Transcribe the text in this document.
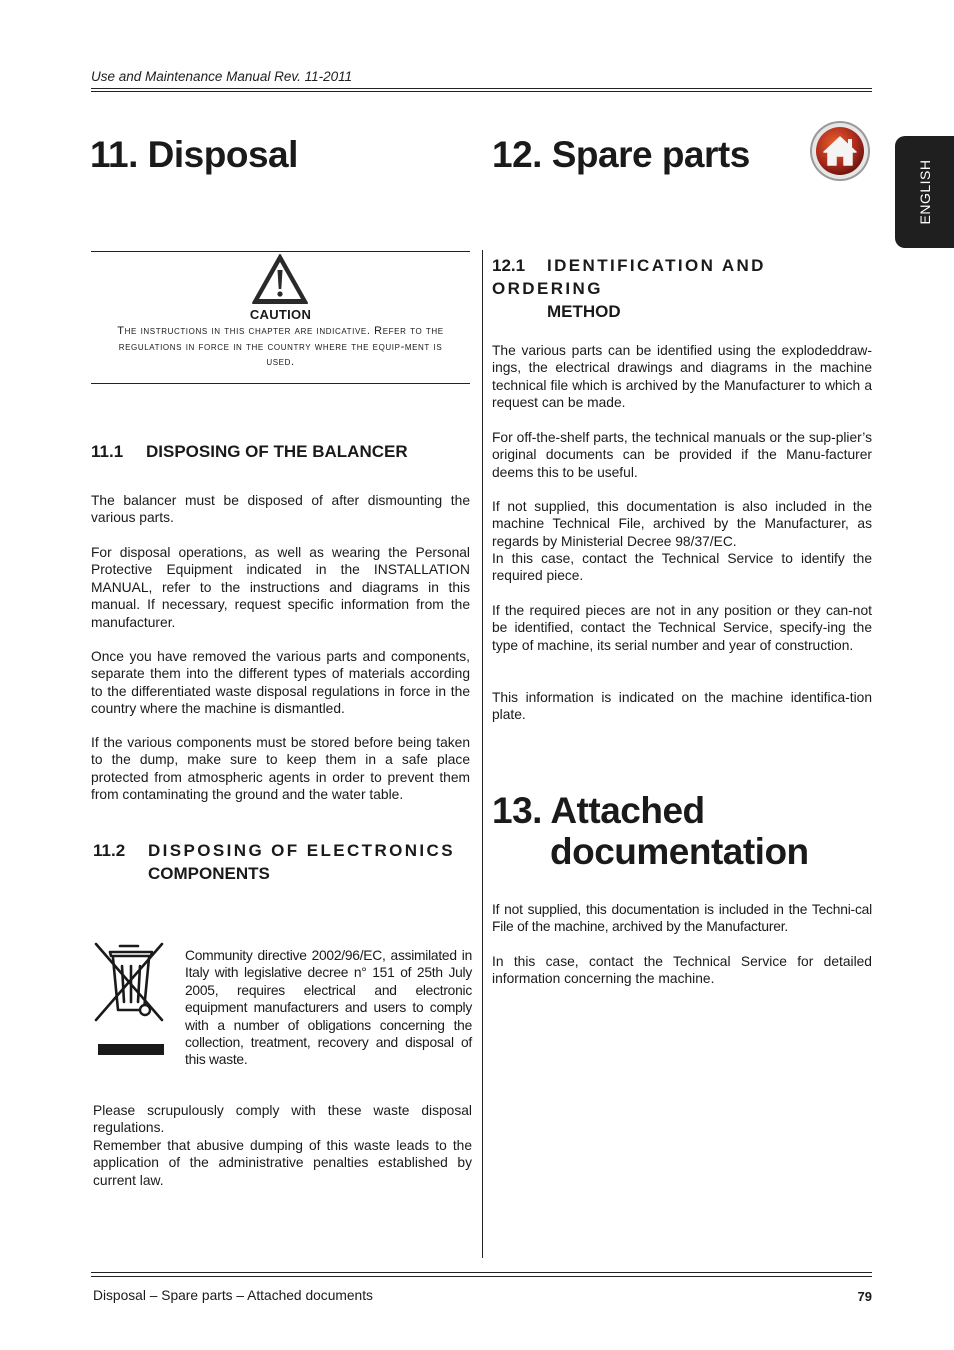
Use and Maintenance Manual Rev. 11-2011
ENGLISH
11. Disposal	12. Spare parts
CAUTION
The instructions in this chapter are indicative. Refer to the regulations in force in the country where the equip-ment is used.
11.1 DISPOSING OF THE BALANCER
The balancer must be disposed of after dismounting the various parts.
For disposal operations, as well as wearing the Personal Protective Equipment indicated in the INSTALLATION MANUAL, refer to the instructions and diagrams in this manual. If necessary, request specific information from the manufacturer.
Once you have removed the various parts and components, separate them into the different types of materials according to the differentiated waste disposal regulations in force in the country where the machine is dismantled.
If the various components must be stored before being taken to the dump, make sure to keep them in a safe place protected from atmospheric agents in order to prevent them from contaminating the ground and the water table.
11.2 DISPOSING OF ELECTRONICS
COMPONENTS
Community directive 2002/96/EC, assimilated in Italy with legislative decree n° 151 of 25th July 2005, requires electrical and electronic equipment manufacturers and users to comply with a number of obligations concerning the collection, treatment, recovery and disposal of this waste.
Please scrupulously comply with these waste disposal regulations.
Remember that abusive dumping of this waste leads to the application of the administrative penalties established by current law.
12.1 IDENTIFICATION AND ORDERING
METHOD
The various parts can be identified using the explodeddraw-ings, the electrical drawings and diagrams in the machine technical file which is archived by the Manufacturer to which a request can be made.
For off-the-shelf parts, the technical manuals or the sup-plier’s original documents can be provided if the Manu-facturer deems this to be useful.
If not supplied, this documentation is also included in the machine Technical File, archived by the Manufacturer, as regards by Ministerial Decree 98/37/EC.
In this case, contact the Technical Service to identify the required piece.
If the required pieces are not in any position or they can-not be identified, contact the Technical Service, specify-ing the type of machine, its serial number and year of construction.
This information is indicated on the machine identifica-tion plate.
13. Attached
documentation
If not supplied, this documentation is included in the Techni-cal File of the machine, archived by the Manufacturer.
In this case, contact the Technical Service for detailed information concerning the machine.
Disposal – Spare parts – Attached documents	79
